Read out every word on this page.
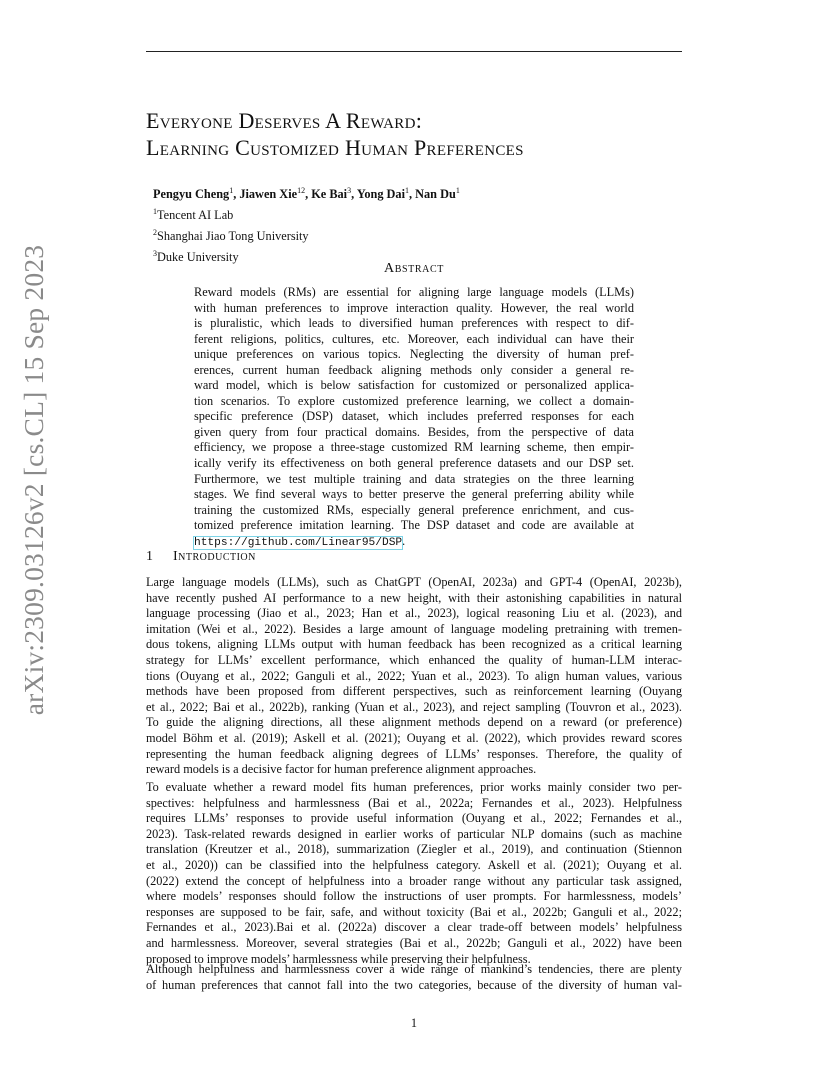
arXiv:2309.03126v2 [cs.CL] 15 Sep 2023
Everyone Deserves A Reward:
Learning Customized Human Preferences
Pengyu Cheng$^1$, Jiawen Xie$^{12}$, Ke Bai$^3$, Yong Dai$^1$, Nan Du$^1$
$^1$Tencent AI Lab
$^2$Shanghai Jiao Tong University
$^3$Duke University
Abstract
Reward models (RMs) are essential for aligning large language models (LLMs)
with human preferences to improve interaction quality. However, the real world
is pluralistic, which leads to diversified human preferences with respect to dif-
ferent religions, politics, cultures, etc. Moreover, each individual can have their
unique preferences on various topics. Neglecting the diversity of human pref-
erences, current human feedback aligning methods only consider a general re-
ward model, which is below satisfaction for customized or personalized applica-
tion scenarios. To explore customized preference learning, we collect a domain-
specific preference (DSP) dataset, which includes preferred responses for each
given query from four practical domains. Besides, from the perspective of data
efficiency, we propose a three-stage customized RM learning scheme, then empir-
ically verify its effectiveness on both general preference datasets and our DSP set.
Furthermore, we test multiple training and data strategies on the three learning
stages. We find several ways to better preserve the general preferring ability while
training the customized RMs, especially general preference enrichment, and cus-
tomized preference imitation learning. The DSP dataset and code are available at
https://github.com/Linear95/DSP.
1 Introduction
Large language models (LLMs), such as ChatGPT (OpenAI, 2023a) and GPT-4 (OpenAI, 2023b),
have recently pushed AI performance to a new height, with their astonishing capabilities in natural
language processing (Jiao et al., 2023; Han et al., 2023), logical reasoning Liu et al. (2023), and
imitation (Wei et al., 2022). Besides a large amount of language modeling pretraining with tremen-
dous tokens, aligning LLMs output with human feedback has been recognized as a critical learning
strategy for LLMs’ excellent performance, which enhanced the quality of human-LLM interac-
tions (Ouyang et al., 2022; Ganguli et al., 2022; Yuan et al., 2023). To align human values, various
methods have been proposed from different perspectives, such as reinforcement learning (Ouyang
et al., 2022; Bai et al., 2022b), ranking (Yuan et al., 2023), and reject sampling (Touvron et al., 2023).
To guide the aligning directions, all these alignment methods depend on a reward (or preference)
model Böhm et al. (2019); Askell et al. (2021); Ouyang et al. (2022), which provides reward scores
representing the human feedback aligning degrees of LLMs’ responses. Therefore, the quality of
reward models is a decisive factor for human preference alignment approaches.
To evaluate whether a reward model fits human preferences, prior works mainly consider two per-
spectives: helpfulness and harmlessness (Bai et al., 2022a; Fernandes et al., 2023). Helpfulness
requires LLMs’ responses to provide useful information (Ouyang et al., 2022; Fernandes et al.,
2023). Task-related rewards designed in earlier works of particular NLP domains (such as machine
translation (Kreutzer et al., 2018), summarization (Ziegler et al., 2019), and continuation (Stiennon
et al., 2020)) can be classified into the helpfulness category. Askell et al. (2021); Ouyang et al.
(2022) extend the concept of helpfulness into a broader range without any particular task assigned,
where models’ responses should follow the instructions of user prompts. For harmlessness, models’
responses are supposed to be fair, safe, and without toxicity (Bai et al., 2022b; Ganguli et al., 2022;
Fernandes et al., 2023).Bai et al. (2022a) discover a clear trade-off between models’ helpfulness
and harmlessness. Moreover, several strategies (Bai et al., 2022b; Ganguli et al., 2022) have been
proposed to improve models’ harmlessness while preserving their helpfulness.
Although helpfulness and harmlessness cover a wide range of mankind’s tendencies, there are plenty
of human preferences that cannot fall into the two categories, because of the diversity of human val-
1
